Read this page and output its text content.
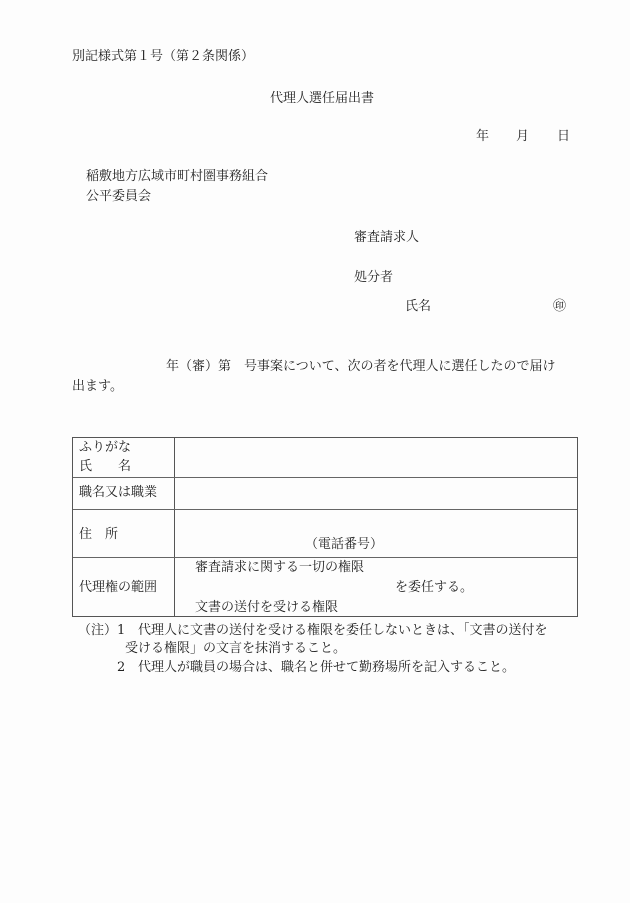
別記様式第１号（第２条関係）
代理人選任届出書
年 月 日
稲敷地方広域市町村圏事務組合
公平委員会
審査請求人
処分者
氏名	㊞
年（審）第　号事案について、次の者を代理人に選任したので届け
出ます。
ふりがな
氏　　名
職名又は職業
住　所
（電話番号）
代理権の範囲
審査請求に関する一切の権限
を委任する。
文書の送付を受ける権限
（注） 1 代理人に文書の送付を受ける権限を委任しないときは、「文書の送付を
受ける権限」の文言を抹消すること。
2 代理人が職員の場合は、職名と併せて勤務場所を記入すること。
